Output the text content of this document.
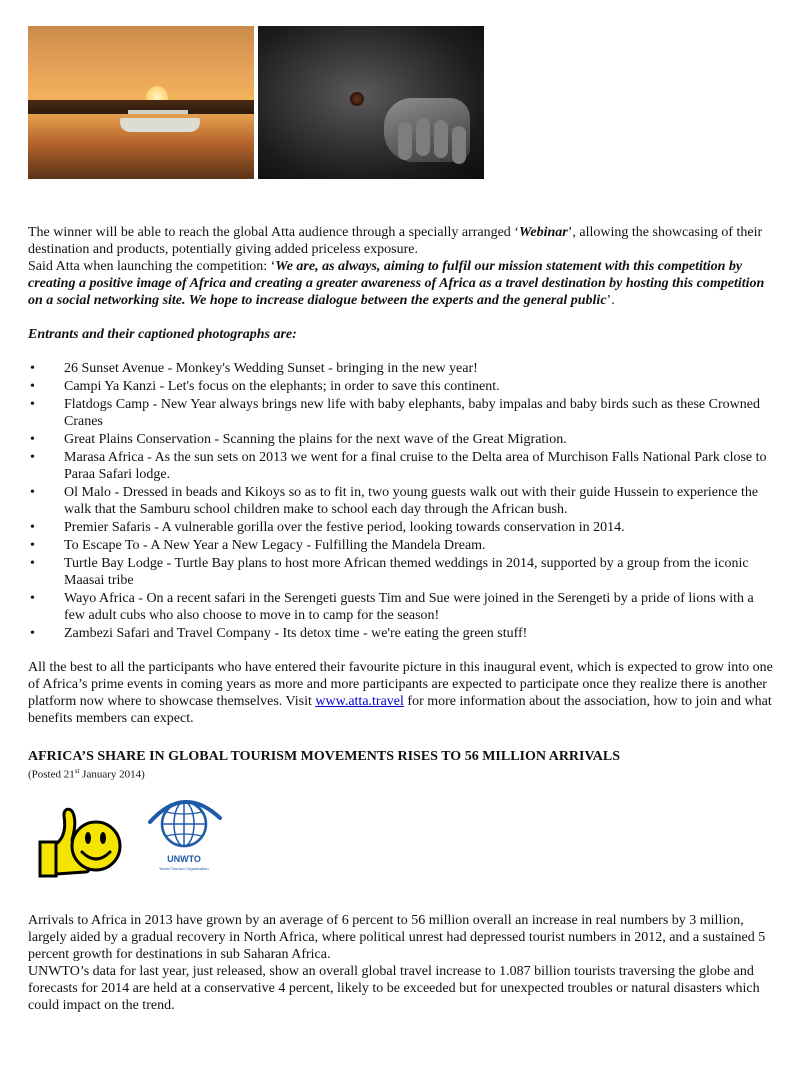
The winner will be able to reach the global Atta audience through a specially arranged ‘Webinar’, allowing the showcasing of their destination and products, potentially giving added priceless exposure.

Said Atta when launching the competition: ‘We are, as always, aiming to fulfil our mission statement with this competition by creating a positive image of Africa and creating a greater awareness of Africa as a travel destination by hosting this competition on a social networking site. We hope to increase dialogue between the experts and the general public’.

Entrants and their captioned photographs are:

• 26 Sunset Avenue - Monkey's Wedding Sunset - bringing in the new year!
• Campi Ya Kanzi - Let's focus on the elephants; in order to save this continent.
• Flatdogs Camp - New Year always brings new life with baby elephants, baby impalas and baby birds such as these Crowned Cranes
• Great Plains Conservation - Scanning the plains for the next wave of the Great Migration.
• Marasa Africa - As the sun sets on 2013 we went for a final cruise to the Delta area of Murchison Falls National Park close to Paraa Safari lodge.
• Ol Malo - Dressed in beads and Kikoys so as to fit in, two young guests walk out with their guide Hussein to experience the walk that the Samburu school children make to school each day through the African bush.
• Premier Safaris - A vulnerable gorilla over the festive period, looking towards conservation in 2014.
• To Escape To - A New Year a New Legacy - Fulfilling the Mandela Dream.
• Turtle Bay Lodge - Turtle Bay plans to host more African themed weddings in 2014, supported by a group from the iconic Maasai tribe
• Wayo Africa - On a recent safari in the Serengeti guests Tim and Sue were joined in the Serengeti by a pride of lions with a few adult cubs who also choose to move in to camp for the season!
• Zambezi Safari and Travel Company - Its detox time - we're eating the green stuff!

All the best to all the participants who have entered their favourite picture in this inaugural event, which is expected to grow into one of Africa’s prime events in coming years as more and more participants are expected to participate once they realize there is another platform now where to showcase themselves. Visit www.atta.travel for more information about the association, how to join and what benefits members can expect.

AFRICA’S SHARE IN GLOBAL TOURISM MOVEMENTS RISES TO 56 MILLION ARRIVALS

(Posted 21st January 2014)

UNWTO
World Tourism Organization

Arrivals to Africa in 2013 have grown by an average of 6 percent to 56 million overall an increase in real numbers by 3 million, largely aided by a gradual recovery in North Africa, where political unrest had depressed tourist numbers in 2012, and a sustained 5 percent growth for destinations in sub Saharan Africa.

UNWTO’s data for last year, just released, show an overall global travel increase to 1.087 billion tourists traversing the globe and forecasts for 2014 are held at a conservative 4 percent, likely to be exceeded but for unexpected troubles or natural disasters which could impact on the trend.
